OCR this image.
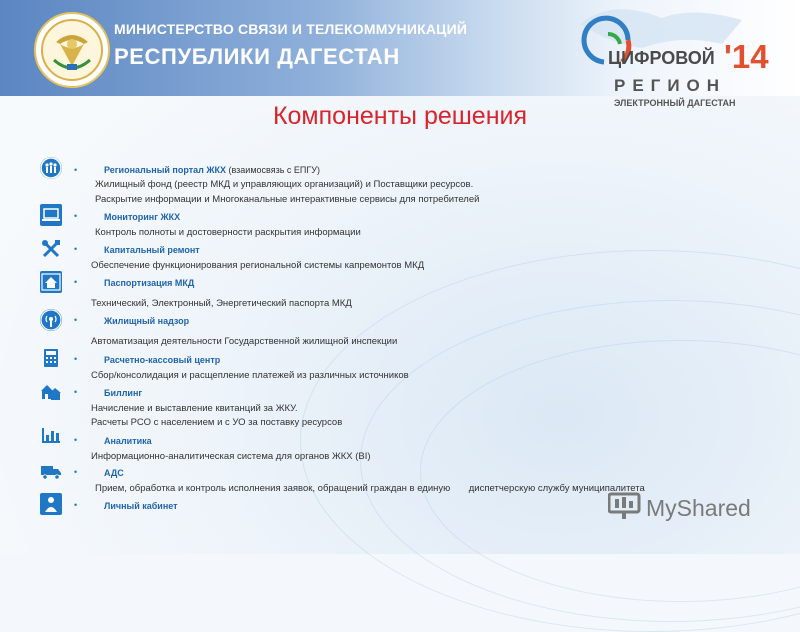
МИНИСТЕРСТВО СВЯЗИ И ТЕЛЕКОММУНИКАЦИЙ
РЕСПУБЛИКИ ДАГЕСТАН	ЦИФРОВОЙ '14
РЕГИОН
ЭЛЕКТРОННЫЙ ДАГЕСТАН
Компоненты решения
•	Региональный портал ЖКХ (взаимосвязь с ЕПГУ)
Жилищный фонд (реестр МКД и управляющих организаций) и Поставщики ресурсов.
Раскрытие информации и Многоканальные интерактивные сервисы для потребителей
•	Мониторинг ЖКХ
Контроль полноты и достоверности раскрытия информации
•	Капитальный ремонт
Обеспечение функционирования региональной системы капремонтов МКД
•	Паспортизация МКД
Технический, Электронный, Энергетический паспорта МКД
•	Жилищный надзор
Автоматизация деятельности Государственной жилищной инспекции
•	Расчетно-кассовый центр
Сбор/консолидация и расщепление платежей из различных источников
•	Биллинг
Начисление и выставление квитанций за ЖКУ.
Расчеты РСО с населением и с УО за поставку ресурсов
•	Аналитика
Информационно-аналитическая система для органов ЖКХ (BI)
•	АДС
Прием, обработка и контроль исполнения заявок, обращений граждан в единую       диспетчерскую службу муниципалитета
•	Личный кабинет	MyShared
